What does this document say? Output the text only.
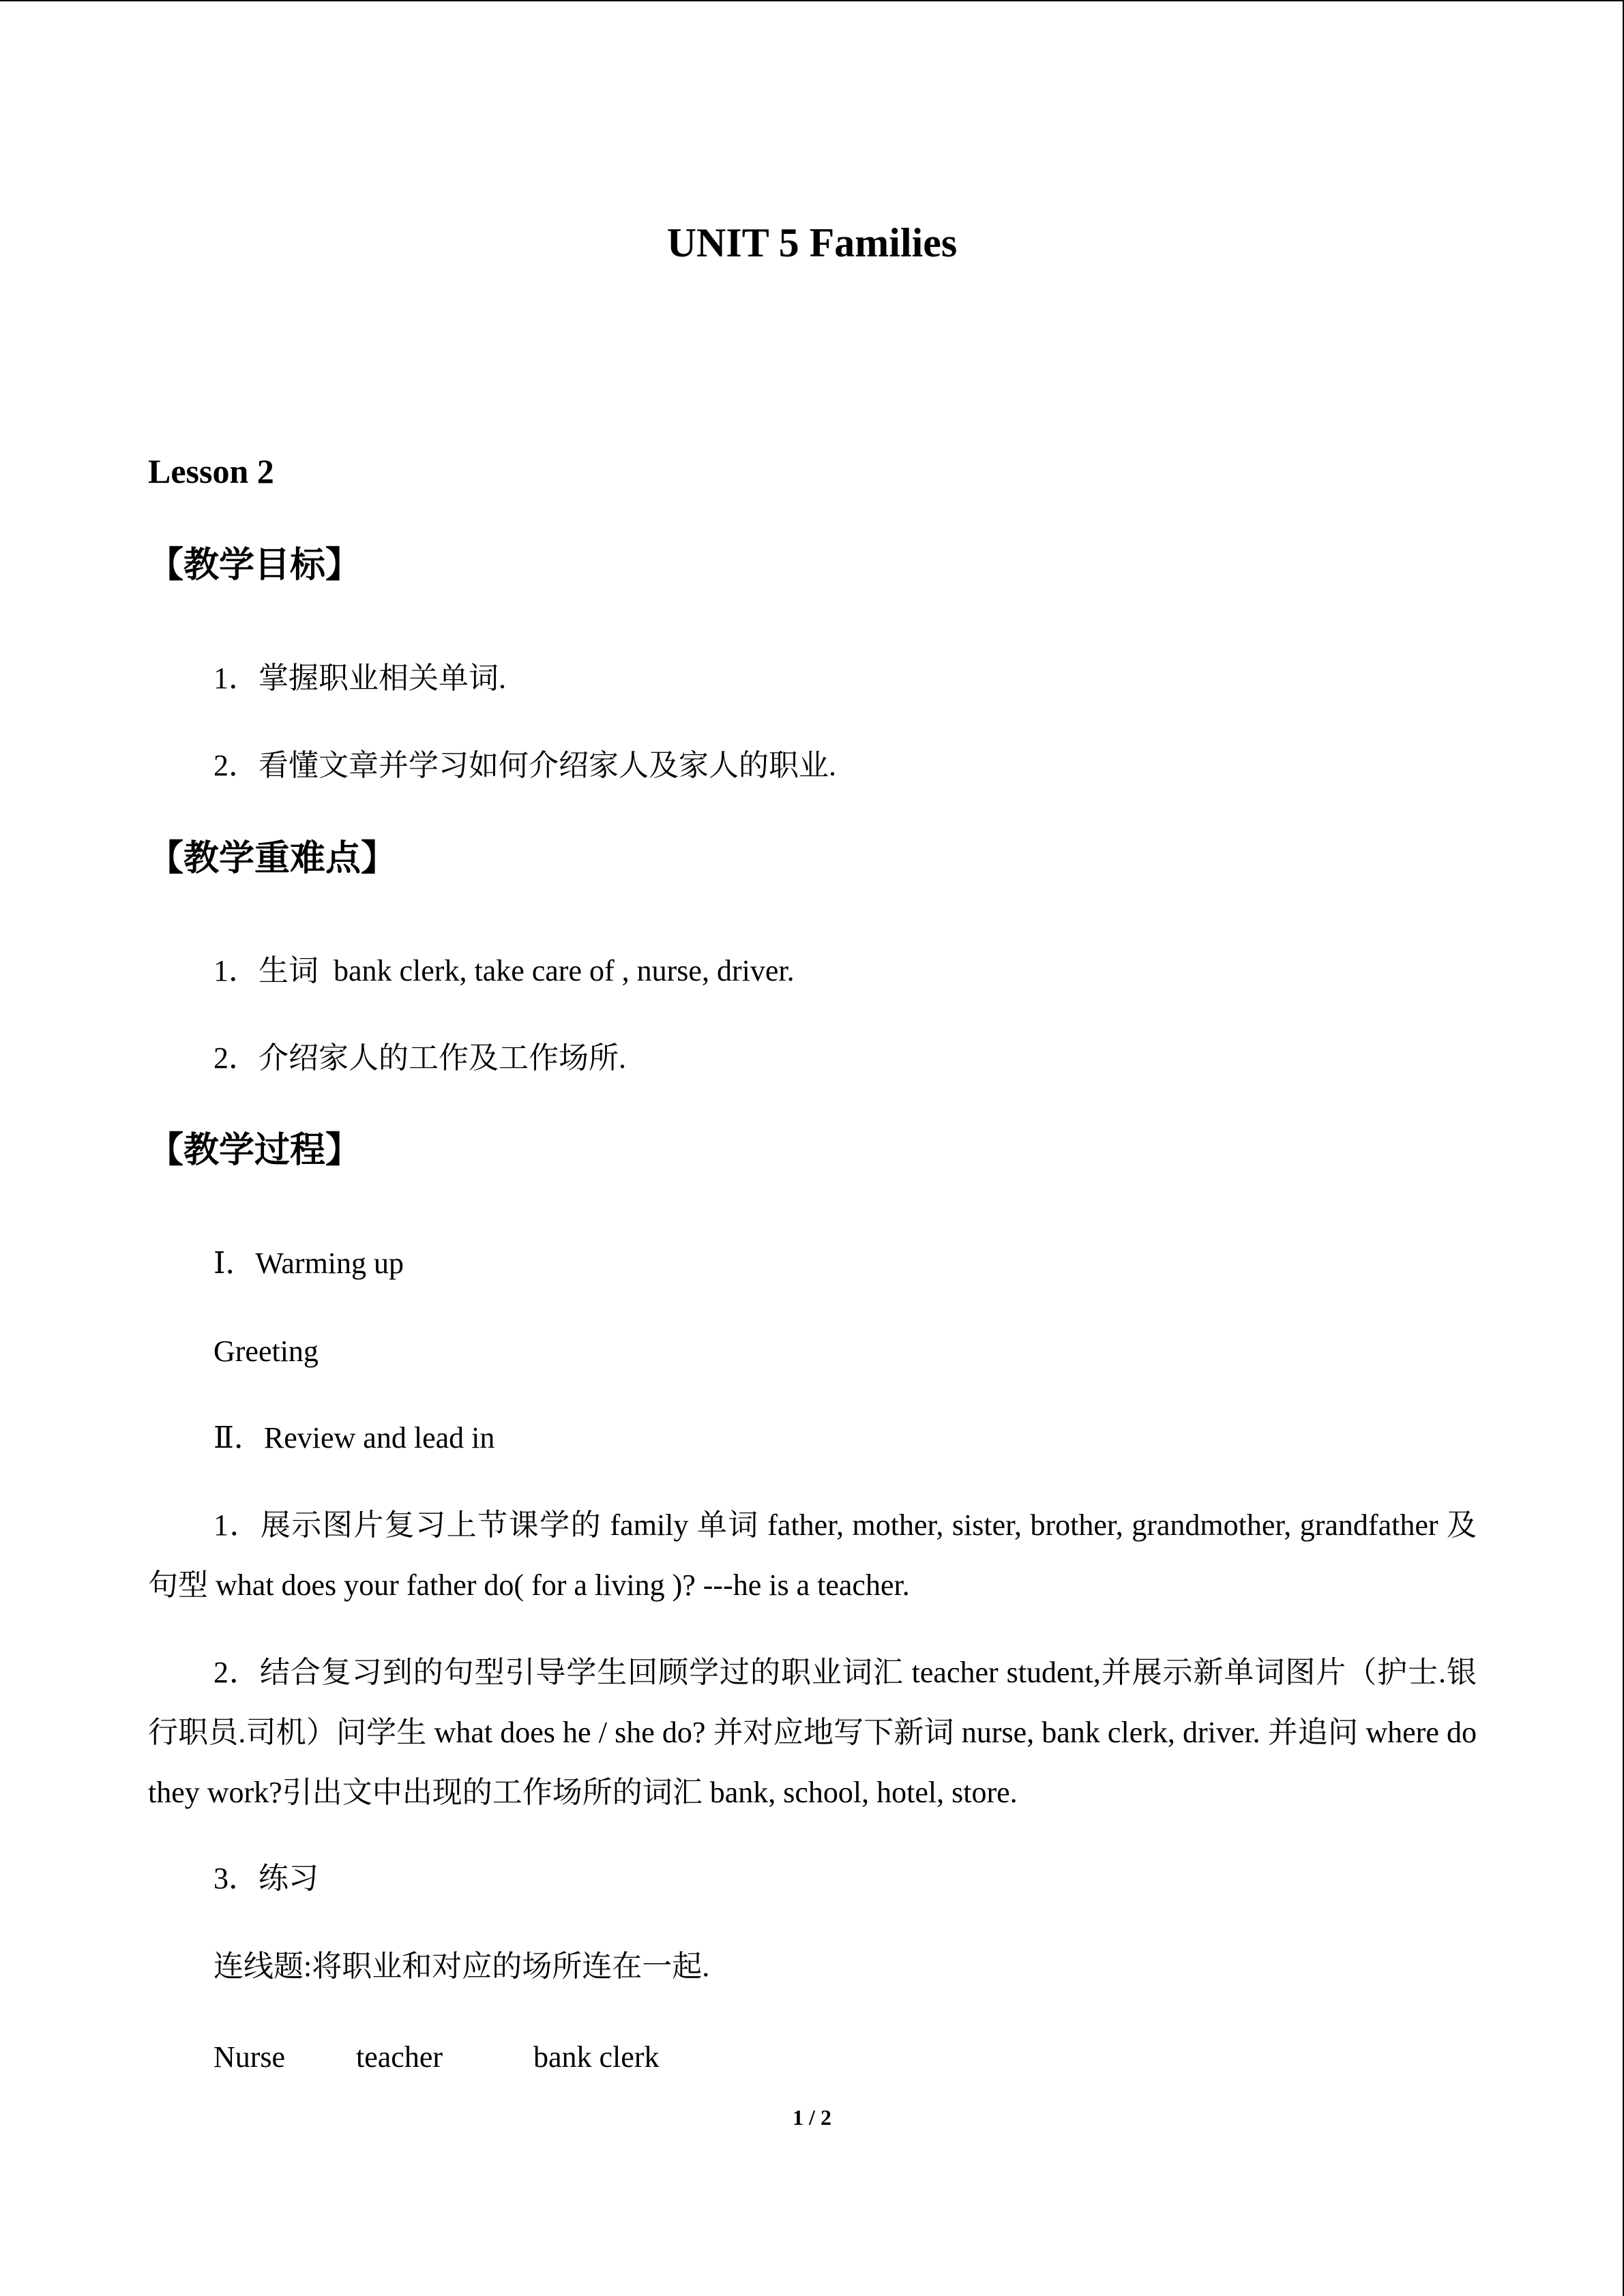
UNIT 5 Families
Lesson 2
【教学目标】
1．掌握职业相关单词.
2．看懂文章并学习如何介绍家人及家人的职业.
【教学重难点】
1．生词  bank clerk, take care of , nurse, driver.
2．介绍家人的工作及工作场所.
【教学过程】
Ⅰ．Warming up
Greeting
Ⅱ．Review and lead in
1．展示图片复习上节课学的 family 单词 father, mother, sister, brother, grandmother, grandfather 及句型 what does your father do( for a living )? ---he is a teacher.
2．结合复习到的句型引导学生回顾学过的职业词汇 teacher student,并展示新单词图片（护士.银行职员.司机）问学生 what does he / she do? 并对应地写下新词 nurse, bank clerk, driver. 并追问 where do they work?引出文中出现的工作场所的词汇 bank, school, hotel, store.
3．练习
连线题:将职业和对应的场所连在一起.
Nurse teacher	bank clerk
1 / 2
